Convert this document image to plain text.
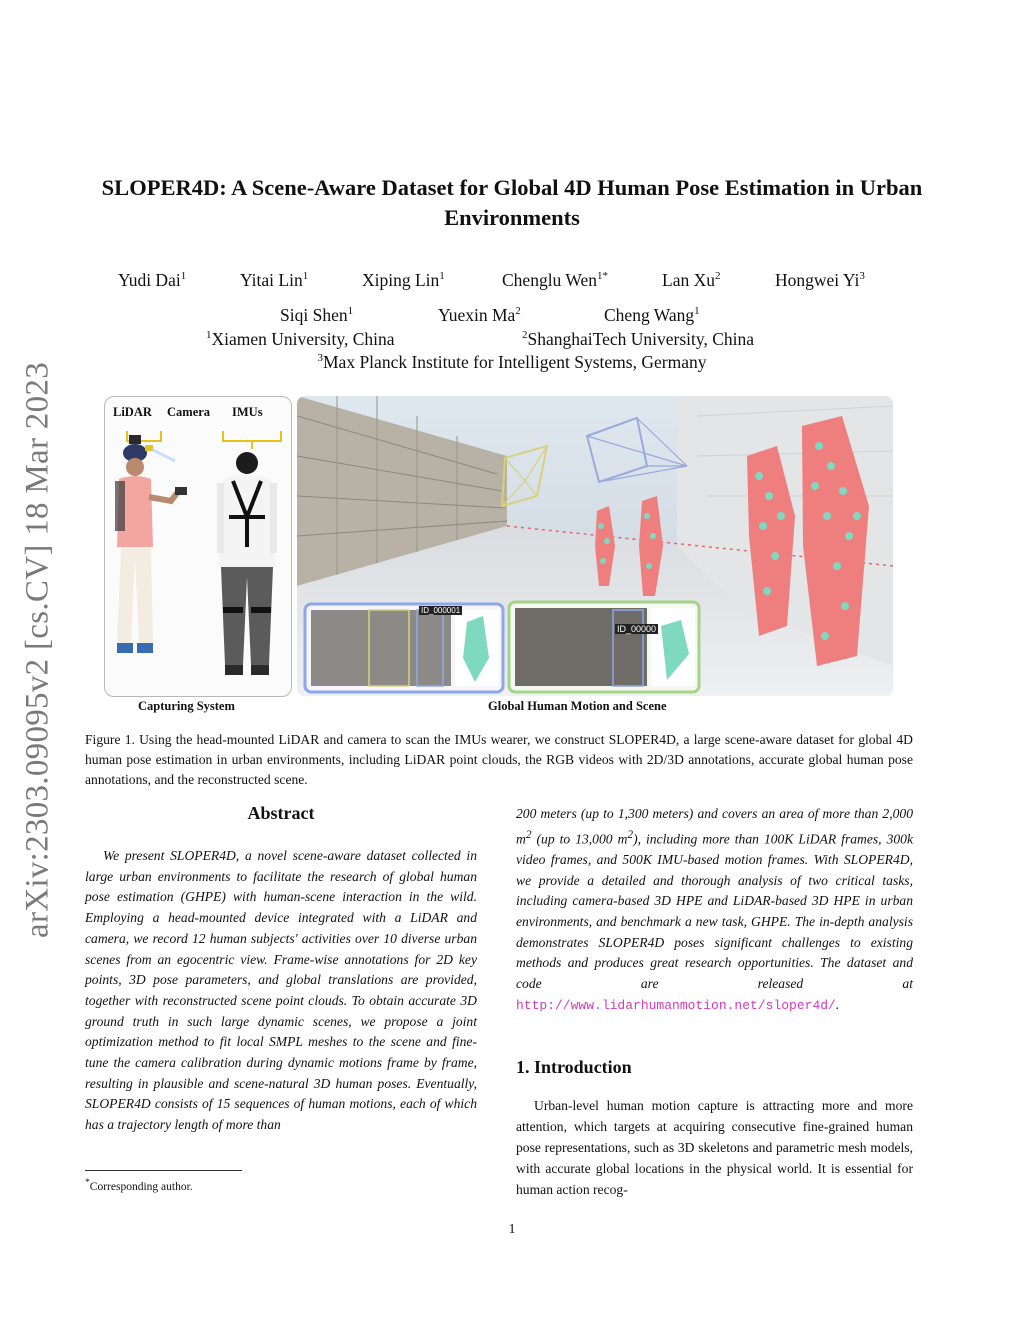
arXiv:2303.09095v2 [cs.CV] 18 Mar 2023
SLOPER4D: A Scene-Aware Dataset for Global 4D Human Pose Estimation in Urban Environments
Yudi Dai$^1$	Yitai Lin$^1$	Xiping Lin$^1$	Chenglu Wen$^{1*}$	Lan Xu$^2$	Hongwei Yi$^3$
Siqi Shen$^1$	Yuexin Ma$^2$	Cheng Wang$^1$
$^1$Xiamen University, China	$^2$ShanghaiTech University, China
$^3$Max Planck Institute for Intelligent Systems, Germany
LiDAR Camera IMUs
Capturing System
ID_000001
ID_00000
Global Human Motion and Scene
Figure 1. Using the head-mounted LiDAR and camera to scan the IMUs wearer, we construct SLOPER4D, a large scene-aware dataset for global 4D human pose estimation in urban environments, including LiDAR point clouds, the RGB videos with 2D/3D annotations, accurate global human pose annotations, and the reconstructed scene.
Abstract
We present SLOPER4D, a novel scene-aware dataset collected in large urban environments to facilitate the research of global human pose estimation (GHPE) with human-scene interaction in the wild. Employing a head-mounted device integrated with a LiDAR and camera, we record 12 human subjects' activities over 10 diverse urban scenes from an egocentric view. Frame-wise annotations for 2D key points, 3D pose parameters, and global translations are provided, together with reconstructed scene point clouds. To obtain accurate 3D ground truth in such large dynamic scenes, we propose a joint optimization method to fit local SMPL meshes to the scene and fine-tune the camera calibration during dynamic motions frame by frame, resulting in plausible and scene-natural 3D human poses. Eventually, SLOPER4D consists of 15 sequences of human motions, each of which has a trajectory length of more than
200 meters (up to 1,300 meters) and covers an area of more than 2,000 $m^2$ (up to 13,000 $m^2$), including more than 100K LiDAR frames, 300k video frames, and 500K IMU-based motion frames. With SLOPER4D, we provide a detailed and thorough analysis of two critical tasks, including camera-based 3D HPE and LiDAR-based 3D HPE in urban environments, and benchmark a new task, GHPE. The in-depth analysis demonstrates SLOPER4D poses significant challenges to existing methods and produces great research opportunities. The dataset and code are released at http://www.lidarhumanmotion.net/sloper4d/.
1. Introduction
Urban-level human motion capture is attracting more and more attention, which targets at acquiring consecutive fine-grained human pose representations, such as 3D skeletons and parametric mesh models, with accurate global locations in the physical world. It is essential for human action recog-
*Corresponding author.
1
